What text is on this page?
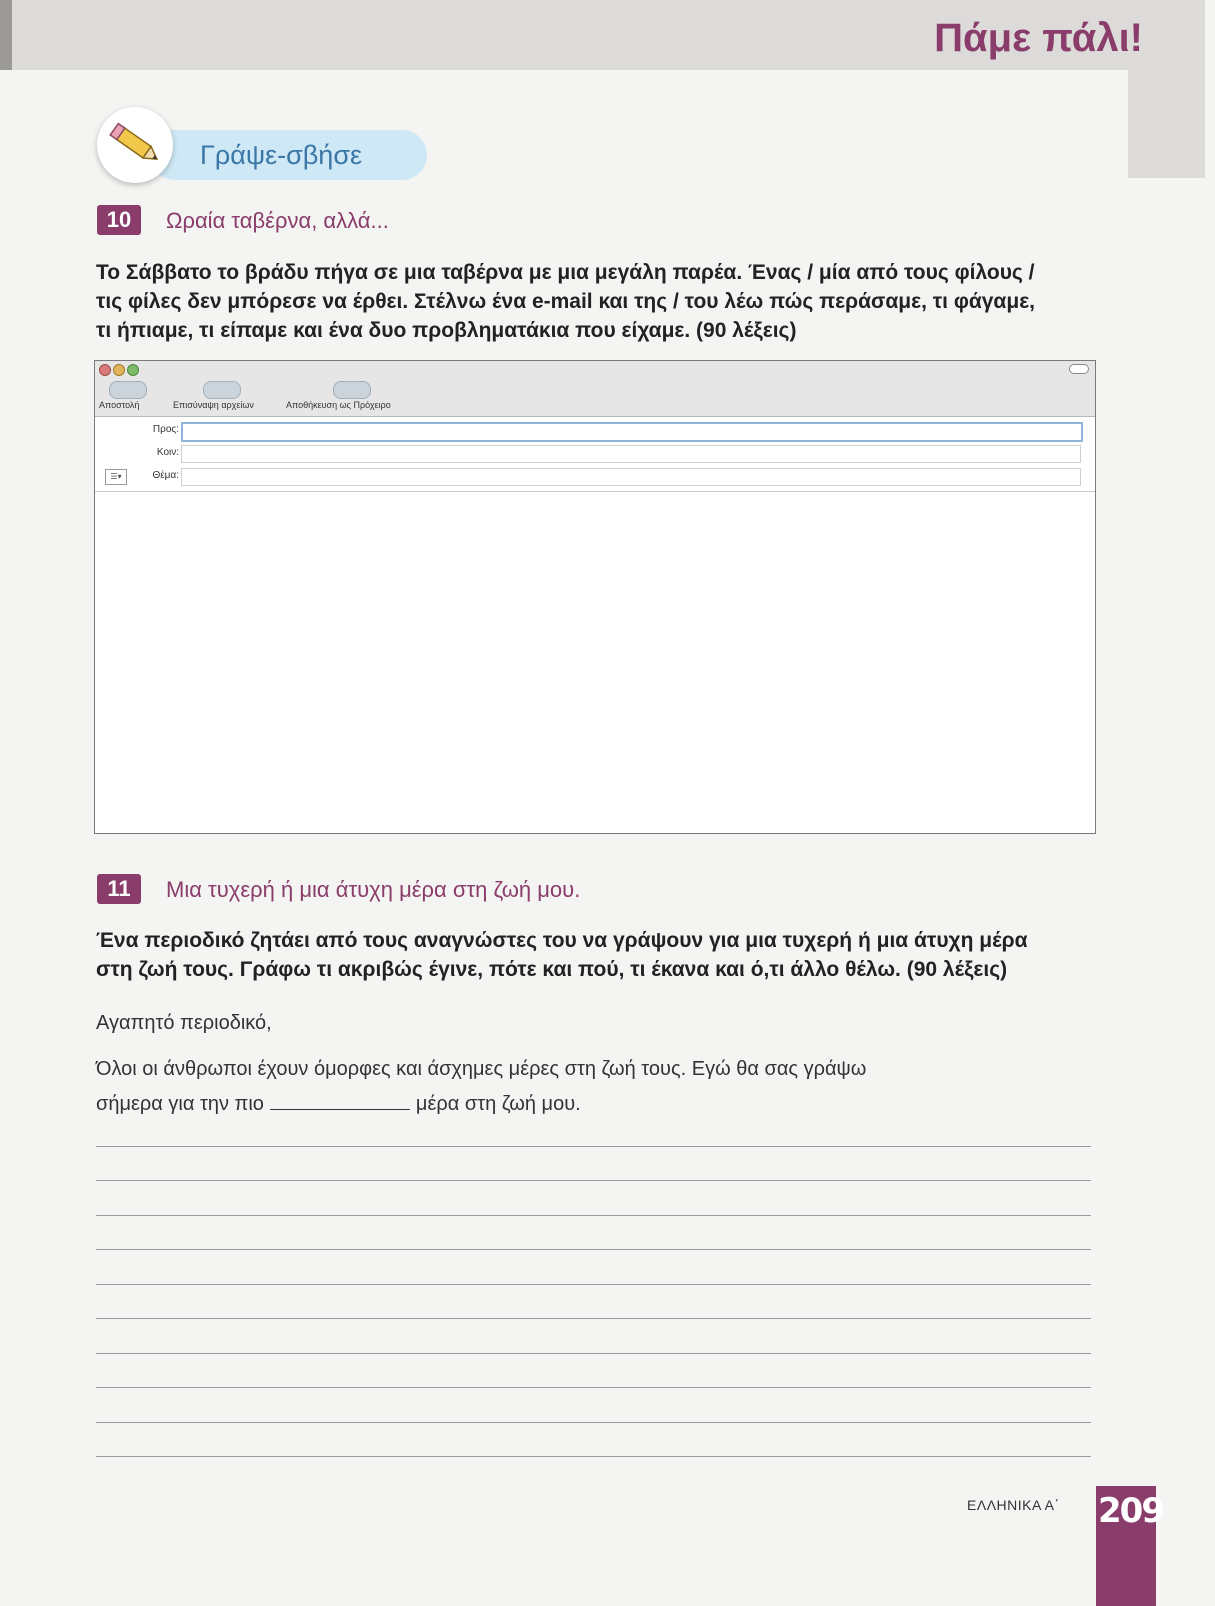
Πάμε πάλι!
Γράψε-σβήσε
10	Ωραία ταβέρνα, αλλά...
Το Σάββατο το βράδυ πήγα σε μια ταβέρνα με μια μεγάλη παρέα. Ένας / μία από τους φίλους /
τις φίλες δεν μπόρεσε να έρθει. Στέλνω ένα e-mail και της / του λέω πώς περάσαμε, τι φάγαμε,
τι ήπιαμε, τι είπαμε και ένα δυο προβληματάκια που είχαμε. (90 λέξεις)
Αποστολή	Επισύναψη αρχείων	Αποθήκευση ως Πρόχειρο
Προς:
Κοιν:
☰▾	Θέμα:
11	Μια τυχερή ή μια άτυχη μέρα στη ζωή μου.
Ένα περιοδικό ζητάει από τους αναγνώστες του να γράψουν για μια τυχερή ή μια άτυχη μέρα
στη ζωή τους. Γράφω τι ακριβώς έγινε, πότε και πού, τι έκανα και ό,τι άλλο θέλω. (90 λέξεις)
Αγαπητό περιοδικό,
Όλοι οι άνθρωποι έχουν όμορφες και άσχημες μέρες στη ζωή τους. Εγώ θα σας γράψω
σήμερα για την πιο	μέρα στη ζωή μου.
ΕΛΛΗΝΙΚΑ Α΄ 209
